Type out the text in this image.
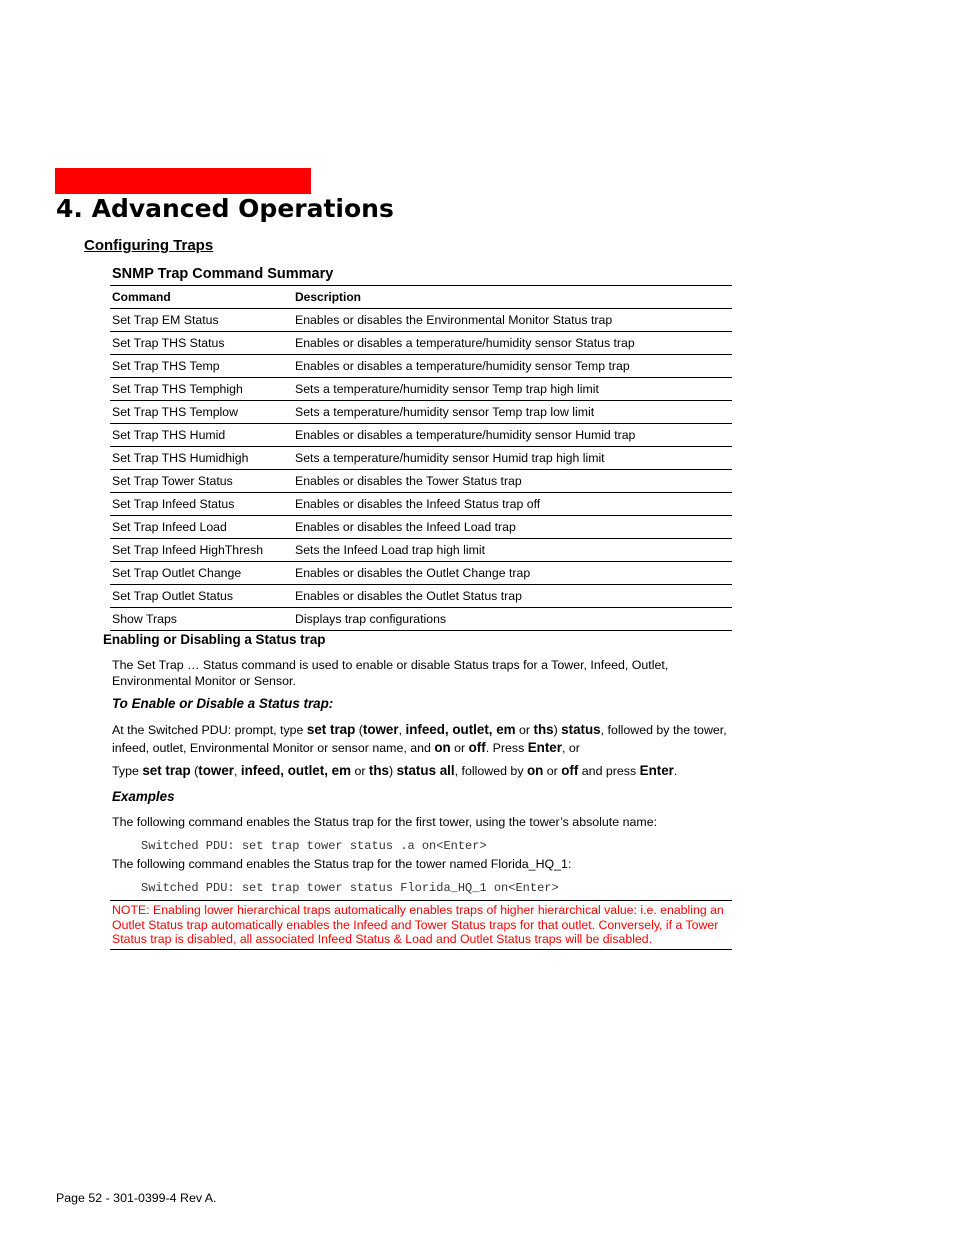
4. Advanced Operations
Configuring Traps
SNMP Trap Command Summary
Command	Description
Set Trap EM Status	Enables or disables the Environmental Monitor Status trap
Set Trap THS Status	Enables or disables a temperature/humidity sensor Status trap
Set Trap THS Temp	Enables or disables a temperature/humidity sensor Temp trap
Set Trap THS Temphigh	Sets a temperature/humidity sensor Temp trap high limit
Set Trap THS Templow	Sets a temperature/humidity sensor Temp trap low limit
Set Trap THS Humid	Enables or disables a temperature/humidity sensor Humid trap
Set Trap THS Humidhigh	Sets a temperature/humidity sensor Humid trap high limit
Set Trap Tower Status	Enables or disables the Tower Status trap
Set Trap Infeed Status	Enables or disables the Infeed Status trap off
Set Trap Infeed Load	Enables or disables the Infeed Load trap
Set Trap Infeed HighThresh	Sets the Infeed Load trap high limit
Set Trap Outlet Change	Enables or disables the Outlet Change trap
Set Trap Outlet Status	Enables or disables the Outlet Status trap
Show Traps	Displays trap configurations
Enabling or Disabling a Status trap

The Set Trap … Status command is used to enable or disable Status traps for a Tower, Infeed, Outlet, Environmental Monitor or Sensor.

To Enable or Disable a Status trap:

At the Switched PDU: prompt, type set trap (tower, infeed, outlet, em or ths) status, followed by the tower, infeed, outlet, Environmental Monitor or sensor name, and on or off. Press Enter, or

Type set trap (tower, infeed, outlet, em or ths) status all, followed by on or off and press Enter.

Examples

The following command enables the Status trap for the first tower, using the tower’s absolute name:

Switched PDU: set trap tower status .a on<Enter>

The following command enables the Status trap for the tower named Florida_HQ_1:

Switched PDU: set trap tower status Florida_HQ_1 on<Enter>

NOTE: Enabling lower hierarchical traps automatically enables traps of higher hierarchical value: i.e. enabling an Outlet Status trap automatically enables the Infeed and Tower Status traps for that outlet. Conversely, if a Tower Status trap is disabled, all associated Infeed Status & Load and Outlet Status traps will be disabled.

Page 52 - 301-0399-4 Rev A.
